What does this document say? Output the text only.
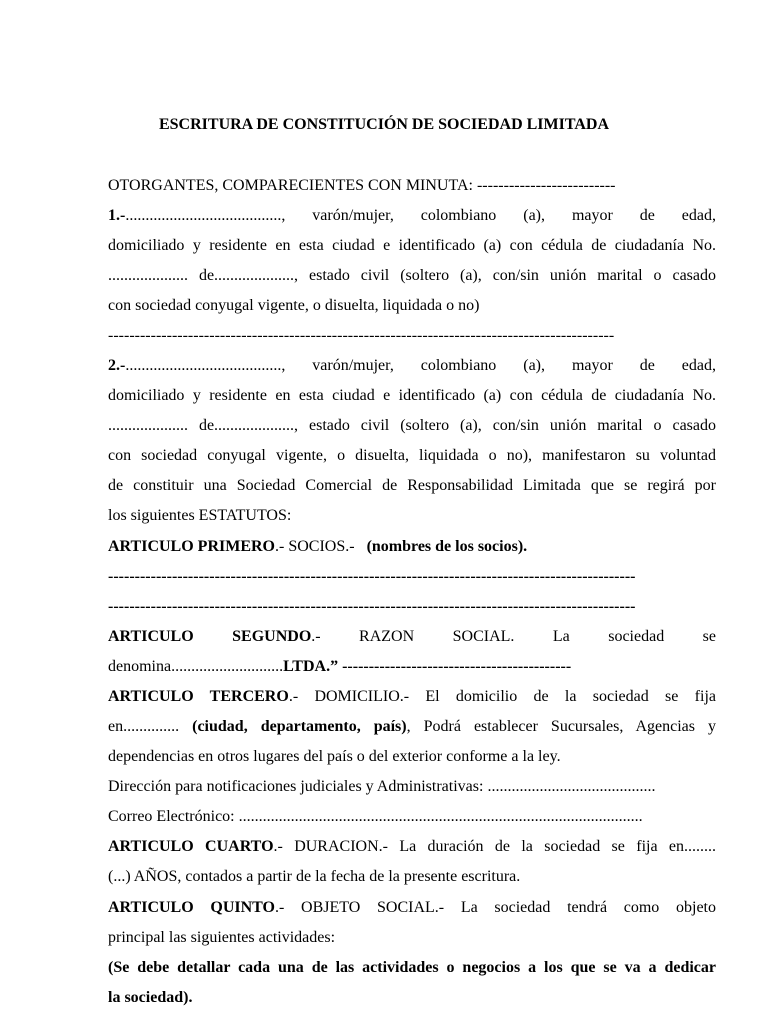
ESCRITURA DE CONSTITUCIÓN DE SOCIEDAD LIMITADA
OTORGANTES, COMPARECIENTES CON MINUTA: --------------------------
1.-......................................., varón/mujer, colombiano (a), mayor de edad,
domiciliado y residente en esta ciudad e identificado (a) con cédula de ciudadanía No.
.................... de...................., estado civil (soltero (a), con/sin unión marital o casado
con sociedad conyugal vigente, o disuelta, liquidada o no)
-----------------------------------------------------------------------------------------------
2.-......................................., varón/mujer, colombiano (a), mayor de edad,
domiciliado y residente en esta ciudad e identificado (a) con cédula de ciudadanía No.
.................... de...................., estado civil (soltero (a), con/sin unión marital o casado
con sociedad conyugal vigente, o disuelta, liquidada o no), manifestaron su voluntad
de constituir una Sociedad Comercial de Responsabilidad Limitada que se regirá por
los siguientes ESTATUTOS:
ARTICULO PRIMERO.- SOCIOS.-   (nombres de los socios).
---------------------------------------------------------------------------------------------------
---------------------------------------------------------------------------------------------------
ARTICULO SEGUNDO.- RAZON SOCIAL. La sociedad se
denomina............................LTDA.” -------------------------------------------
ARTICULO TERCERO.- DOMICILIO.- El domicilio de la sociedad se fija
en.............. (ciudad, departamento, país), Podrá establecer Sucursales, Agencias y
dependencias en otros lugares del país o del exterior conforme a la ley.
Dirección para notificaciones judiciales y Administrativas: ..........................................
Correo Electrónico: .....................................................................................................
ARTICULO CUARTO.- DURACION.- La duración de la sociedad se fija en........
(...) AÑOS, contados a partir de la fecha de la presente escritura.
ARTICULO QUINTO.- OBJETO SOCIAL.- La sociedad tendrá como objeto
principal las siguientes actividades:
(Se debe detallar cada una de las actividades o negocios a los que se va a dedicar
la sociedad).
